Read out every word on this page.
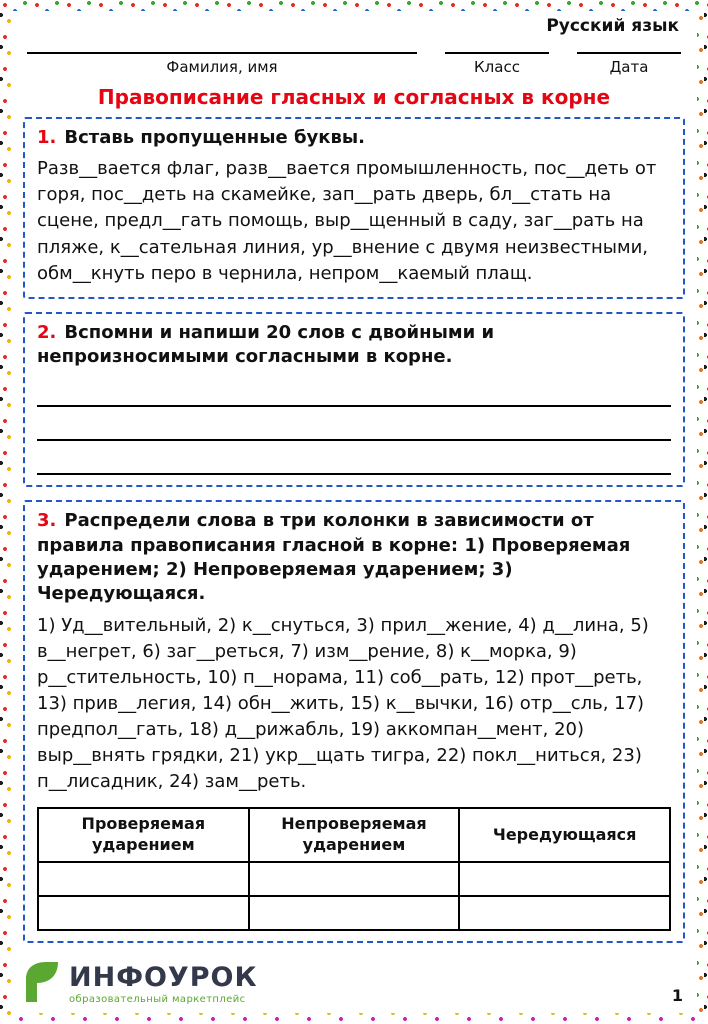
Русский язык
Фамилия, имя	Класс	Дата
Правописание гласных и согласных в корне
1. Вставь пропущенные буквы.
Разв__вается флаг, разв__вается промышленность, пос__деть от горя, пос__деть на скамейке, зап__рать дверь, бл__стать на сцене, предл__гать помощь, выр__щенный в саду, заг__рать на пляже, к__сательная линия, ур__внение с двумя неизвестными, обм__кнуть перо в чернила, непром__каемый плащ.
2. Вспомни и напиши 20 слов с двойными и непроизносимыми согласными в корне.
3. Распредели слова в три колонки в зависимости от правила правописания гласной в корне: 1) Проверяемая ударением; 2) Непроверяемая ударением; 3) Чередующаяся.
1) Уд__вительный, 2) к__снуться, 3) прил__жение, 4) д__лина, 5) в__негрет, 6) заг__реться, 7) изм__рение, 8) к__морка, 9) р__стительность, 10) п__норама, 11) соб__рать, 12) прот__реть, 13) прив__легия, 14) обн__жить, 15) к__вычки, 16) отр__сль, 17) предпол__гать, 18) д__рижабль, 19) аккомпан__мент, 20) выр__внять грядки, 21) укр__щать тигра, 22) покл__ниться, 23) п__лисадник, 24) зам__реть.
Проверяемая ударением	Непроверяемая ударением	Чередующаяся

ИНФОУРОК
образовательный маркетплейс	1
